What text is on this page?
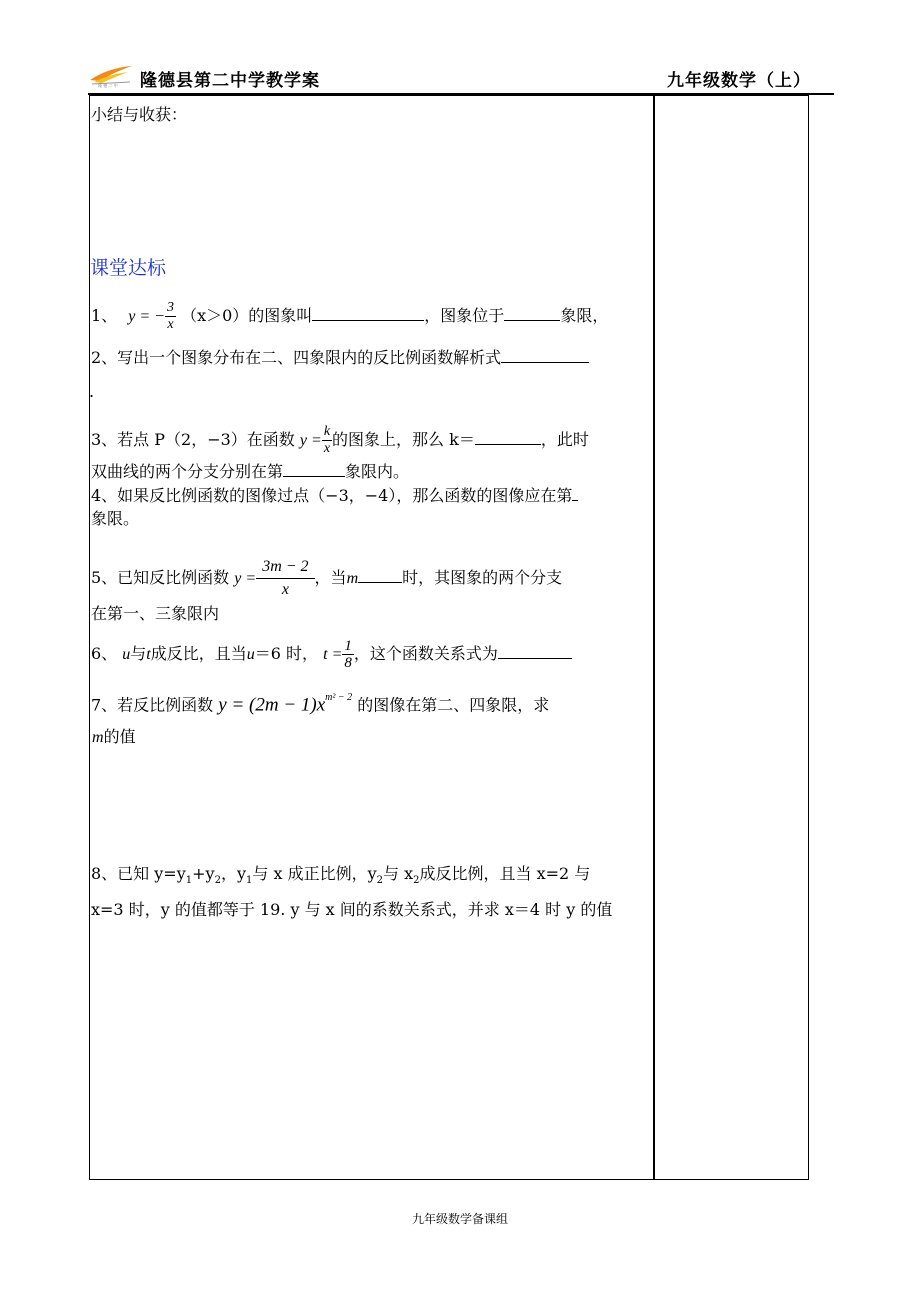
隆 德 二 中 隆德县第二中学教学案	九年级数学（上）
小结与收获：
课堂达标
1、 y = − $\frac{3}{x} (x>0)$的图象叫	，图象位于	象限，
2、写出一个图象分布在二、四象限内的反比例函数解析式
.
3、若点 P（2，−3）在函数 $y = \frac{k}{x}$ 的图象上，那么 k＝	，此时
双曲线的两个分支分别在第	象限内。
4、如果反比例函数的图像过点（−3，−4），那么函数的图像应在第
象限。
5、已知反比例函数 $y = \frac{3m - 2}{x}$ ，当m	时，其图象的两个分支
在第一、三象限内
6、 u与t成反比，且当u＝6 时， $t = \frac{1}{8}$ ，这个函数关系式为
7、若反比例函数 $y = (2m - 1)x^{m^2 - 2}$ 的图像在第二、四象限，求
m的值
8、已知 $y=y_1+y_2$，$y_1$与 x 成正比例，$y_2$与 $x_2$成反比例，且当 x=2 与
x=3 时，y 的值都等于 19. y 与 x 间的系数关系式，并求 x＝4 时 y 的值
九年级数学备课组
